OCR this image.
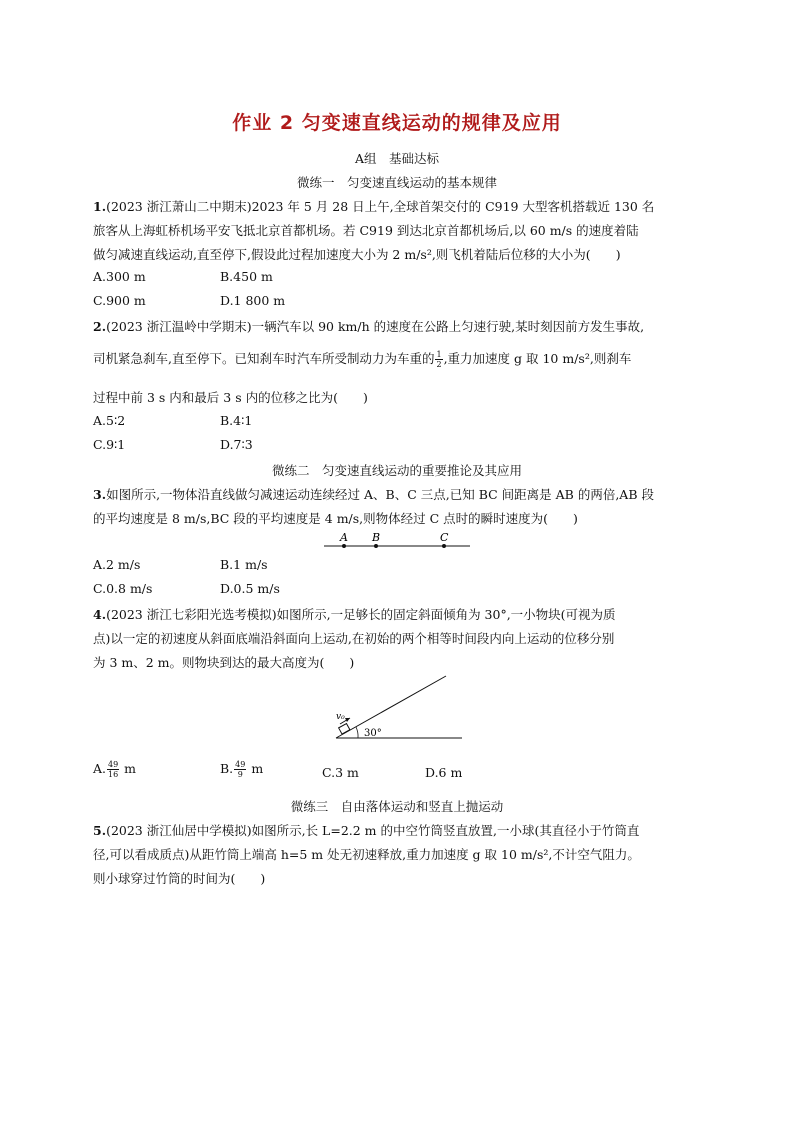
作业 2 匀变速直线运动的规律及应用
A组　基础达标
微练一　匀变速直线运动的基本规律
1.(2023 浙江萧山二中期末)2023 年 5 月 28 日上午,全球首架交付的 C919 大型客机搭载近 130 名
旅客从上海虹桥机场平安飞抵北京首都机场。若 C919 到达北京首都机场后,以 60 m/s 的速度着陆
做匀减速直线运动,直至停下,假设此过程加速度大小为 2 m/s²,则飞机着陆后位移的大小为(　　)
A.300 m	B.450 m
C.900 m	D.1 800 m
2.(2023 浙江温岭中学期末)一辆汽车以 90 km/h 的速度在公路上匀速行驶,某时刻因前方发生事故,
司机紧急刹车,直至停下。已知刹车时汽车所受制动力为车重的 $\frac{1}{2}$ ,重力加速度 g 取 10 m/s²,则刹车
过程中前 3 s 内和最后 3 s 内的位移之比为(　　)
A.5∶2	B.4∶1
C.9∶1	D.7∶3
微练二　匀变速直线运动的重要推论及其应用
3.如图所示,一物体沿直线做匀减速运动连续经过 A、B、C 三点,已知 BC 间距离是 AB 的两倍,AB 段
的平均速度是 8 m/s,BC 段的平均速度是 4 m/s,则物体经过 C 点时的瞬时速度为(　　)
A B	C
A.2 m/s	B.1 m/s
C.0.8 m/s	D.0.5 m/s
4.(2023 浙江七彩阳光选考模拟)如图所示,一足够长的固定斜面倾角为 30°,一小物块(可视为质
点)以一定的初速度从斜面底端沿斜面向上运动,在初始的两个相等时间段内向上运动的位移分别
为 3 m、2 m。则物块到达的最大高度为(　　)
v₀
30°
A. $\frac{49}{16}$ m	B. $\frac{49}{9}$ m	C.3 m	D.6 m
微练三　自由落体运动和竖直上抛运动
5.(2023 浙江仙居中学模拟)如图所示,长 L=2.2 m 的中空竹筒竖直放置,一小球(其直径小于竹筒直
径,可以看成质点)从距竹筒上端高 h=5 m 处无初速释放,重力加速度 g 取 10 m/s²,不计空气阻力。
则小球穿过竹筒的时间为(　　)
